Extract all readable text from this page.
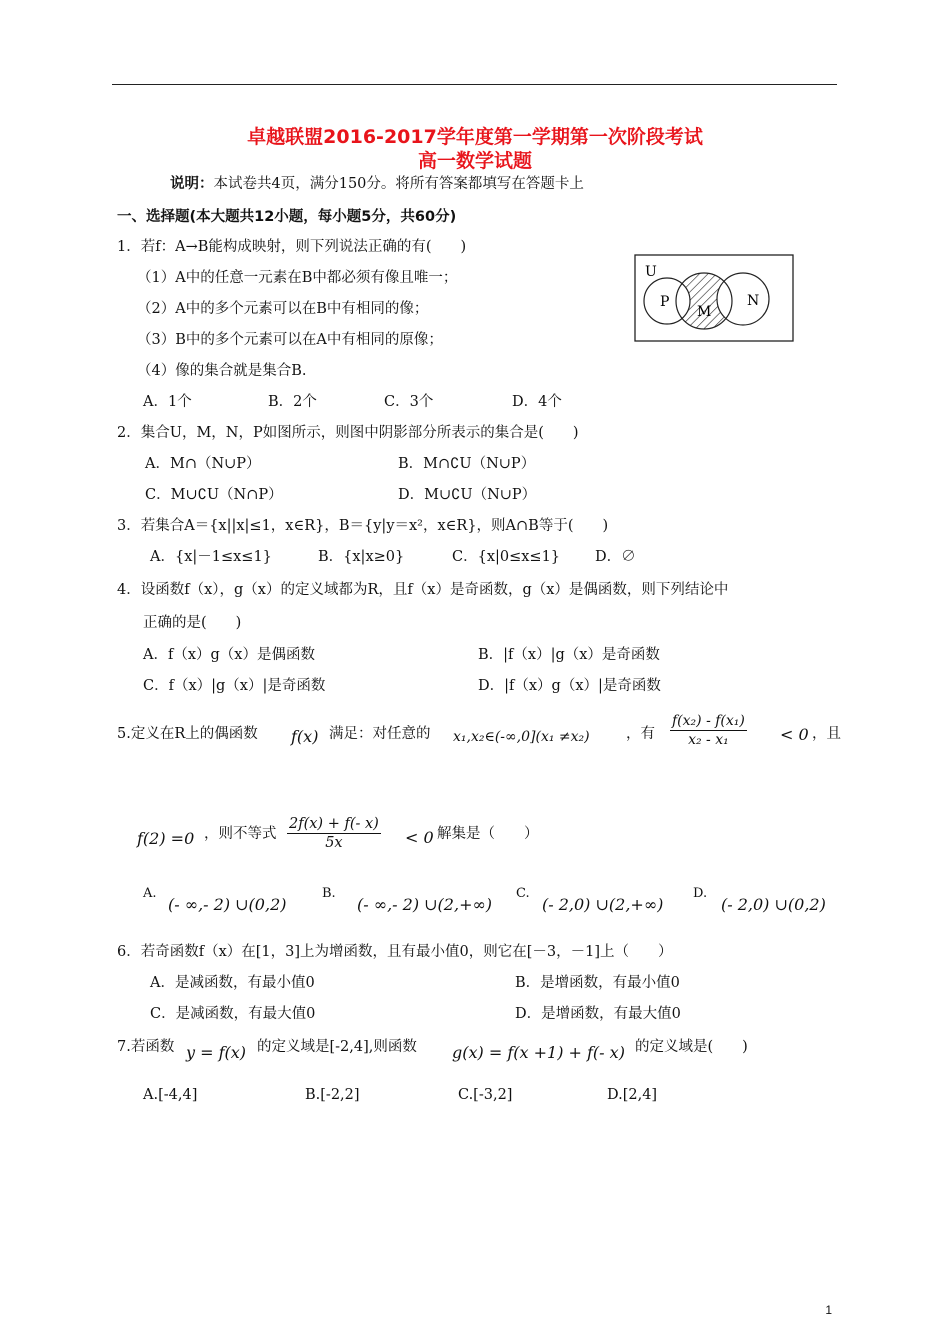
卓越联盟2016-2017学年度第一学期第一次阶段考试
高一数学试题
说明：本试卷共4页，满分150分。将所有答案都填写在答题卡上
一、选择题(本大题共12小题，每小题5分，共60分)
1．若f：A→B能构成映射，则下列说法正确的有(　　)
（1）A中的任意一元素在B中都必须有像且唯一；
（2）A中的多个元素可以在B中有相同的像；
（3）B中的多个元素可以在A中有相同的原像；
（4）像的集合就是集合B.
A．1个	B．2个	C．3个	D．4个
U
P
M
N
2．集合U，M，N，P如图所示，则图中阴影部分所表示的集合是(　　)
A．M∩（N∪P）	B．M∩∁U（N∪P）
C．M∪∁U（N∩P）	D．M∪∁U（N∪P）
3．若集合A＝{x||x|≤1，x∈R}，B＝{y|y＝x²，x∈R}，则A∩B等于(　　)
A．{x|－1≤x≤1}	B．{x|x≥0}	C．{x|0≤x≤1} D．∅
4．设函数f（x），g（x）的定义域都为R，且f（x）是奇函数，g（x）是偶函数，则下列结论中
正确的是(　　)
A．f（x）g（x）是偶函数	B．|f（x）|g（x）是奇函数
C．f（x）|g（x）|是奇函数	D．|f（x）g（x）|是奇函数
5.定义在R上的偶函数 f(x) 满足：对任意的 x₁,x₂∈(-∞,0](x₁ ≠x₂)	，有 $\frac{\text{f(x₂) - f(x₁)}}{\text{x₂ - x₁}} < 0$ ，且
f(2) =0 ，则不等式 $\frac{2f(x) + f(- x)}{5x} < 0$ 解集是（　　）
A.
(- ∞,- 2) ∪(0,2)
B.
(- ∞,- 2) ∪(2,+∞)
C.
(- 2,0) ∪(2,+∞)
D.
(- 2,0) ∪(0,2)
6．若奇函数f（x）在[1，3]上为增函数，且有最小值0，则它在[－3，－1]上（　　）
A．是减函数，有最小值0	B．是增函数，有最小值0
C．是减函数，有最大值0	D．是增函数，有最大值0
7.若函数 y = f(x) 的定义域是[-2,4],则函数 g(x) = f(x +1) + f(- x) 的定义域是(　　)
A.[-4,4]	B.[-2,2]	C.[-3,2]	D.[2,4]
1
